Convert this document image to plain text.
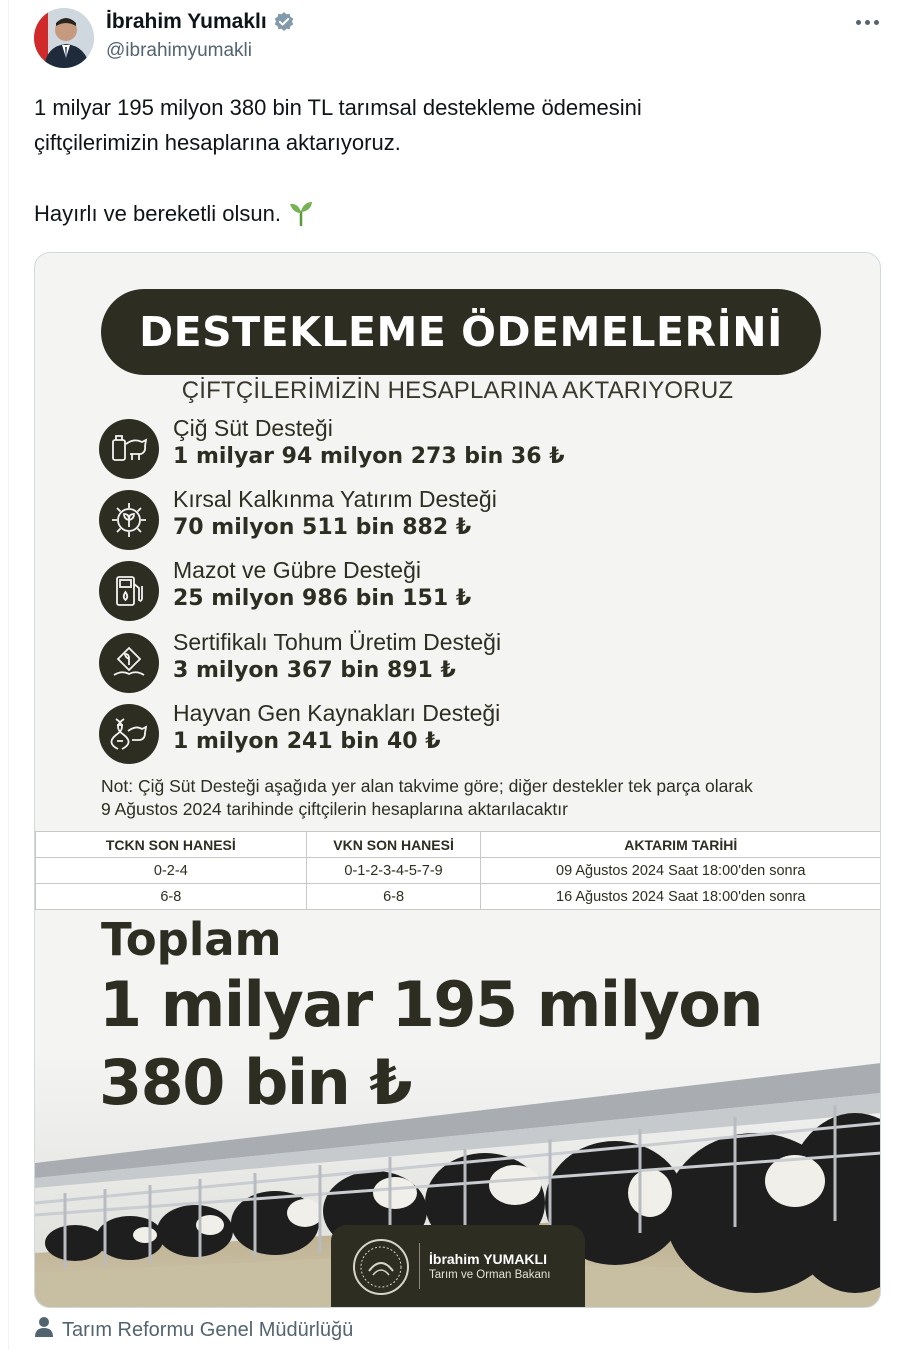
İbrahim Yumaklı
@ibrahimyumakli

1 milyar 195 milyon 380 bin TL tarımsal destekleme ödemesini

çiftçilerimizin hesaplarına aktarıyoruz.

Hayırlı ve bereketli olsun.

DESTEKLEME ÖDEMELERİNİ
ÇİFTÇİLERİMİZİN HESAPLARINA AKTARIYORUZ
Çiğ Süt Desteği
1 milyar 94 milyon 273 bin 36 ₺
Kırsal Kalkınma Yatırım Desteği
70 milyon 511 bin 882 ₺
Mazot ve Gübre Desteği
25 milyon 986 bin 151 ₺
Sertifikalı Tohum Üretim Desteği
3 milyon 367 bin 891 ₺
Hayvan Gen Kaynakları Desteği
1 milyon 241 bin 40 ₺
Not: Çiğ Süt Desteği aşağıda yer alan takvime göre; diğer destekler tek parça olarak
9 Ağustos 2024 tarihinde çiftçilerin hesaplarına aktarılacaktır
TCKN SON HANESİ	VKN SON HANESİ	AKTARIM TARİHİ
0-2-4	0-1-2-3-4-5-7-9	09 Ağustos 2024 Saat 18:00'den sonra
6-8	6-8	16 Ağustos 2024 Saat 18:00'den sonra
Toplam
1 milyar 195 milyon
380 bin ₺
İbrahim YUMAKLI
Tarım ve Orman Bakanı
Tarım Reformu Genel Müdürlüğü
